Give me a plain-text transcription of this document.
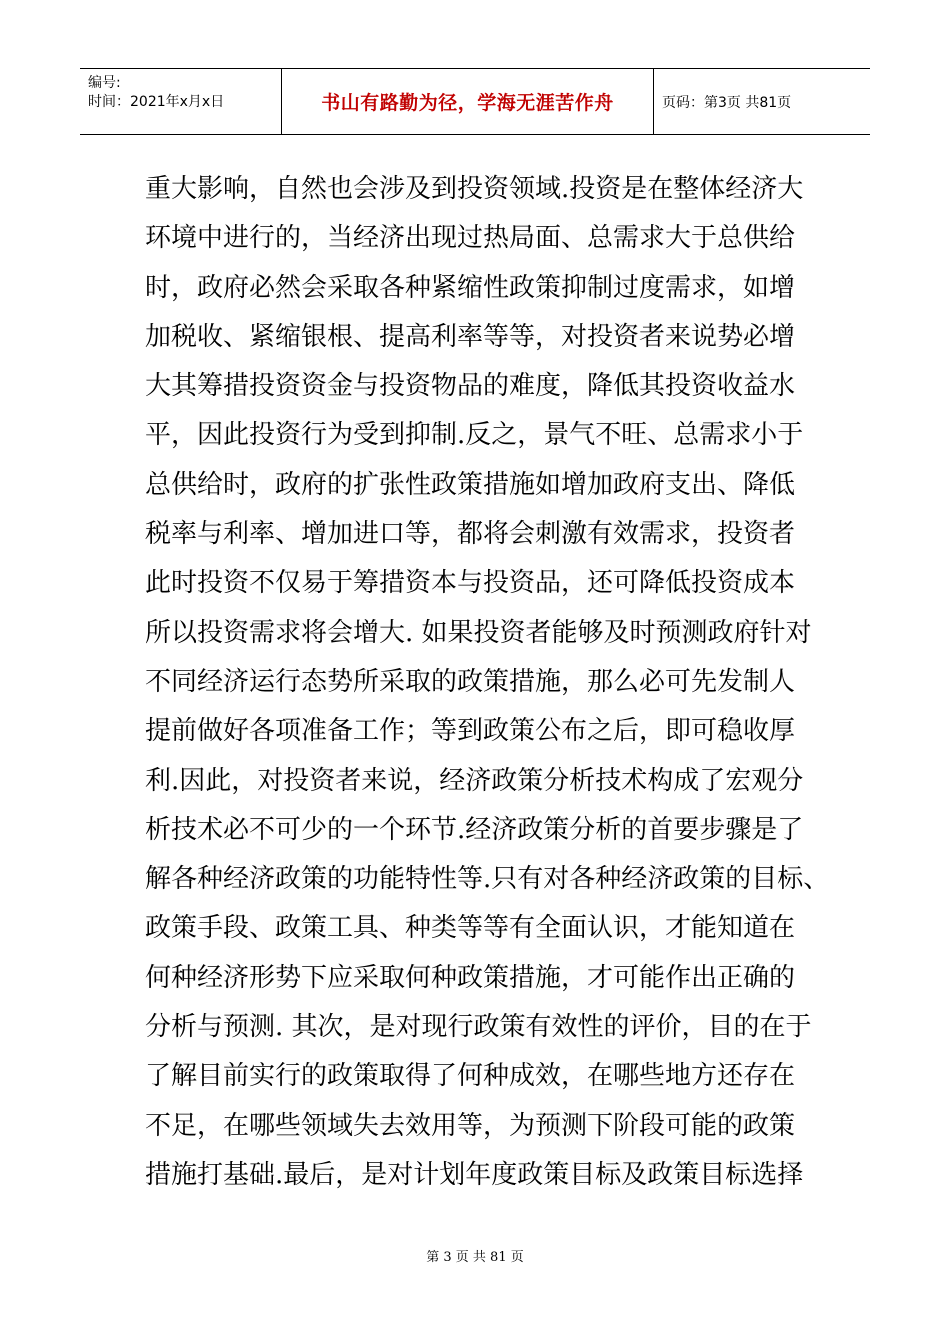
编号:
时间：2021年x月x日	书山有路勤为径，学海无涯苦作舟	页码：第3页 共81页
重大影响，自然也会涉及到投资领域.投资是在整体经济大
环境中进行的，当经济出现过热局面、总需求大于总供给
时，政府必然会采取各种紧缩性政策抑制过度需求，如增
加税收、紧缩银根、提高利率等等，对投资者来说势必增
大其筹措投资资金与投资物品的难度，降低其投资收益水
平，因此投资行为受到抑制.反之，景气不旺、总需求小于
总供给时，政府的扩张性政策措施如增加政府支出、降低
税率与利率、增加进口等，都将会刺激有效需求，投资者
此时投资不仅易于筹措资本与投资品，还可降低投资成本
所以投资需求将会增大. 如果投资者能够及时预测政府针对
不同经济运行态势所采取的政策措施，那么必可先发制人
提前做好各项准备工作；等到政策公布之后，即可稳收厚
利.因此，对投资者来说，经济政策分析技术构成了宏观分
析技术必不可少的一个环节.经济政策分析的首要步骤是了
解各种经济政策的功能特性等.只有对各种经济政策的目标、
政策手段、政策工具、种类等等有全面认识，才能知道在
何种经济形势下应采取何种政策措施，才可能作出正确的
分析与预测. 其次，是对现行政策有效性的评价，目的在于
了解目前实行的政策取得了何种成效，在哪些地方还存在
不足，在哪些领域失去效用等，为预测下阶段可能的政策
措施打基础.最后，是对计划年度政策目标及政策目标选择
第 3 页 共 81 页
